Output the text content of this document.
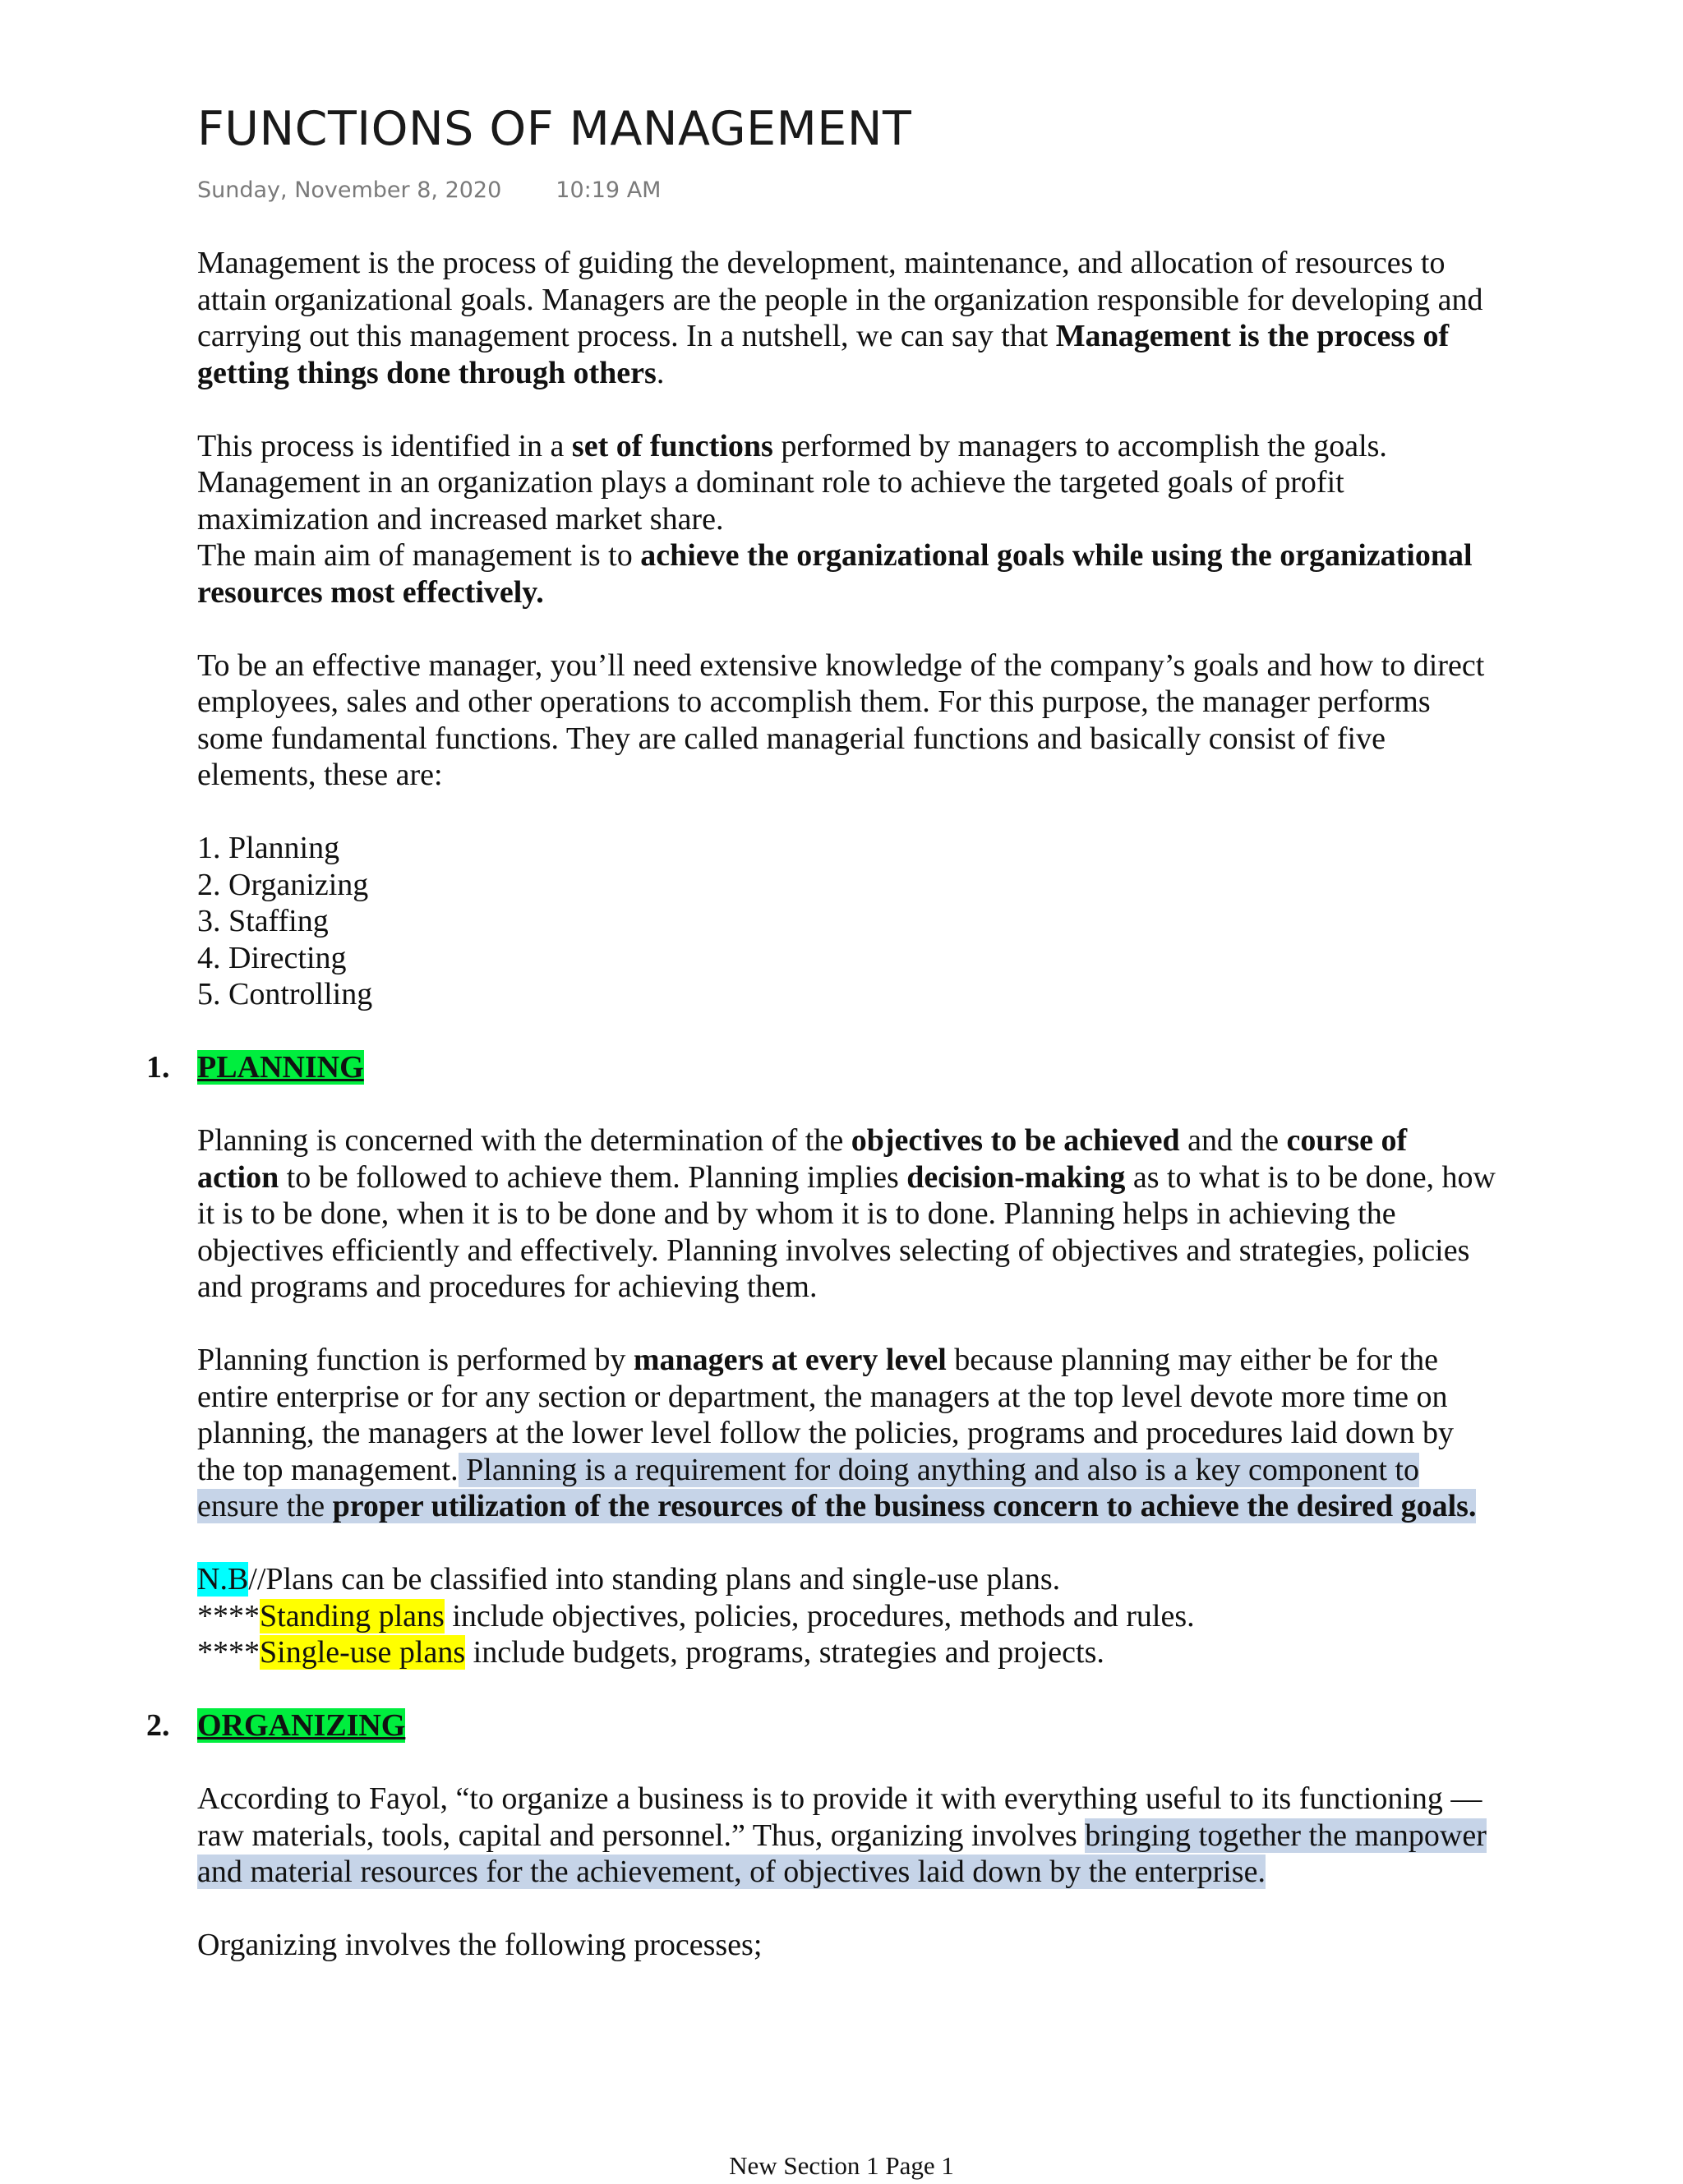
FUNCTIONS OF MANAGEMENT
Sunday, November 8, 2020 10:19 AM

Management is the process of guiding the development, maintenance, and allocation of resources to attain organizational goals. Managers are the people in the organization responsible for developing and carrying out this management process. In a nutshell, we can say that Management is the process of getting things done through others.

This process is identified in a set of functions performed by managers to accomplish the goals.

Management in an organization plays a dominant role to achieve the targeted goals of profit maximization and increased market share.

The main aim of management is to achieve the organizational goals while using the organizational resources most effectively.

To be an effective manager, you’ll need extensive knowledge of the company’s goals and how to direct employees, sales and other operations to accomplish them. For this purpose, the manager performs some fundamental functions. They are called managerial functions and basically consist of five elements, these are:

1. Planning

2. Organizing

3. Staffing

4. Directing

5. Controlling

1. PLANNING

Planning is concerned with the determination of the objectives to be achieved and the course of action to be followed to achieve them. Planning implies decision-making as to what is to be done, how it is to be done, when it is to be done and by whom it is to done. Planning helps in achieving the objectives efficiently and effectively. Planning involves selecting of objectives and strategies, policies and programs and procedures for achieving them.

Planning function is performed by managers at every level because planning may either be for the entire enterprise or for any section or department, the managers at the top level devote more time on planning, the managers at the lower level follow the policies, programs and procedures laid down by the top management. Planning is a requirement for doing anything and also is a key component to ensure the proper utilization of the resources of the business concern to achieve the desired goals.

N.B//Plans can be classified into standing plans and single-use plans.

****Standing plans include objectives, policies, procedures, methods and rules.

****Single-use plans include budgets, programs, strategies and projects.

2. ORGANIZING

According to Fayol, “to organize a business is to provide it with everything useful to its functioning — raw materials, tools, capital and personnel.” Thus, organizing involves bringing together the manpower and material resources for the achievement, of objectives laid down by the enterprise.

Organizing involves the following processes;

New Section 1 Page 1
